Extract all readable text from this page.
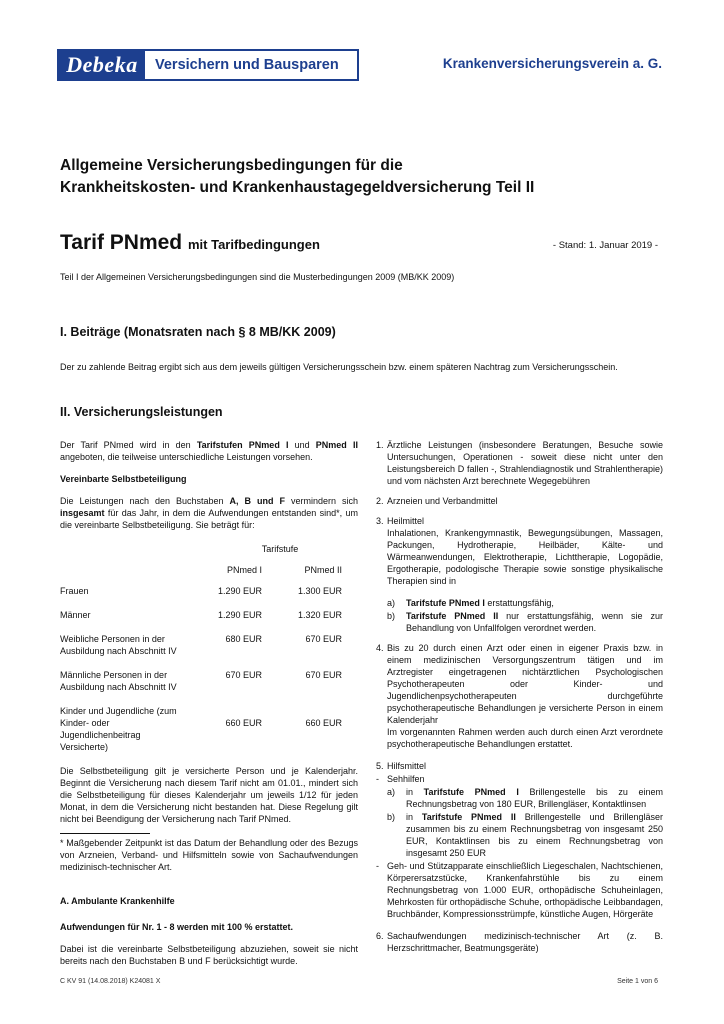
Debeka	Versichern und Bausparen	Krankenversicherungsverein a. G.
Allgemeine Versicherungsbedingungen für die
Krankheitskosten- und Krankenhaustagegeldversicherung Teil II
Tarif PNmed mit Tarifbedingungen	- Stand: 1. Januar 2019 -
Teil I der Allgemeinen Versicherungsbedingungen sind die Musterbedingungen 2009 (MB/KK 2009)
I. Beiträge (Monatsraten nach § 8 MB/KK 2009)
Der zu zahlende Beitrag ergibt sich aus dem jeweils gültigen Versicherungsschein bzw. einem späteren Nachtrag zum Versicherungsschein.
II. Versicherungsleistungen

Der Tarif PNmed wird in den Tarifstufen PNmed I und PNmed II angeboten, die teilweise unterschiedliche Leistungen vorsehen.

Vereinbarte Selbstbeteiligung

Die Leistungen nach den Buchstaben A, B und F vermindern sich insgesamt für das Jahr, in dem die Aufwendungen entstanden sind*, um die vereinbarte Selbstbeteiligung. Sie beträgt für:

Tarifstufe
PNmed I	PNmed II
Frauen	1.290 EUR	1.300 EUR
Männer	1.290 EUR	1.320 EUR
Weibliche Personen in der Ausbildung nach Abschnitt IV
680 EUR	670 EUR
Männliche Personen in der Ausbildung nach Abschnitt IV
670 EUR	670 EUR
Kinder und Jugendliche (zum Kinder- oder Jugendlichenbeitrag Versicherte)
660 EUR	660 EUR

Die Selbstbeteiligung gilt je versicherte Person und je Kalenderjahr. Beginnt die Versicherung nach diesem Tarif nicht am 01.01., mindert sich die Selbstbeteiligung für dieses Kalenderjahr um jeweils 1/12 für jeden Monat, in dem die Versicherung nicht bestanden hat. Diese Regelung gilt nicht bei Beendigung der Versicherung nach Tarif PNmed.

* Maßgebender Zeitpunkt ist das Datum der Behandlung oder des Bezugs von Arzneien, Verband- und Hilfsmitteln sowie von Sachaufwendungen medizinisch-technischer Art.

A. Ambulante Krankenhilfe

Aufwendungen für Nr. 1 - 8 werden mit 100 % erstattet.

Dabei ist die vereinbarte Selbstbeteiligung abzuziehen, soweit sie nicht bereits nach den Buchstaben B und F berücksichtigt wurde.

1. Ärztliche Leistungen (insbesondere Beratungen, Besuche sowie Untersuchungen, Operationen - soweit diese nicht unter den Leistungsbereich D fallen -, Strahlendiagnostik und Strahlentherapie) und vom nächsten Arzt berechnete Wegegebühren

2. Arzneien und Verbandmittel

3. Heilmittel

Inhalationen, Krankengymnastik, Bewegungsübungen, Massagen, Packungen, Hydrotherapie, Heilbäder, Kälte- und Wärmeanwendungen, Elektrotherapie, Lichttherapie, Logopädie, Ergotherapie, podologische Therapie sowie sonstige physikalische Therapien sind in

a)	Tarifstufe PNmed I erstattungsfähig,

b)	Tarifstufe PNmed II nur erstattungsfähig, wenn sie zur Behandlung von Unfallfolgen verordnet werden.

4. Bis zu 20 durch einen Arzt oder einen in eigener Praxis bzw. in einem medizinischen Versorgungszentrum tätigen und im Arztregister eingetragenen nichtärztlichen Psychologischen Psychotherapeuten oder Kinder- und Jugendlichenpsychotherapeuten durchgeführte psychotherapeutische Behandlungen je versicherte Person in einem Kalenderjahr

Im vorgenannten Rahmen werden auch durch einen Arzt verordnete psychotherapeutische Behandlungen erstattet.

5. Hilfsmittel

- Sehhilfen

a)	in Tarifstufe PNmed I Brillengestelle bis zu einem Rechnungsbetrag von 180 EUR, Brillengläser, Kontaktlinsen

b)	in Tarifstufe PNmed II Brillengestelle und Brillengläser zusammen bis zu einem Rechnungsbetrag von insgesamt 250 EUR, Kontaktlinsen bis zu einem Rechnungsbetrag von insgesamt 250 EUR

- Geh- und Stützapparate einschließlich Liegeschalen, Nachtschienen, Körperersatzstücke, Krankenfahrstühle bis zu einem Rechnungsbetrag von 1.000 EUR, orthopädische Schuheinlagen, Mehrkosten für orthopädische Schuhe, orthopädische Leibbandagen, Bruchbänder, Kompressionsstrümpfe, künstliche Augen, Hörgeräte

6. Sachaufwendungen medizinisch-technischer Art (z. B. Herzschrittmacher, Beatmungsgeräte)

C KV 91 (14.08.2018) K24081 X	Seite 1 von 6
